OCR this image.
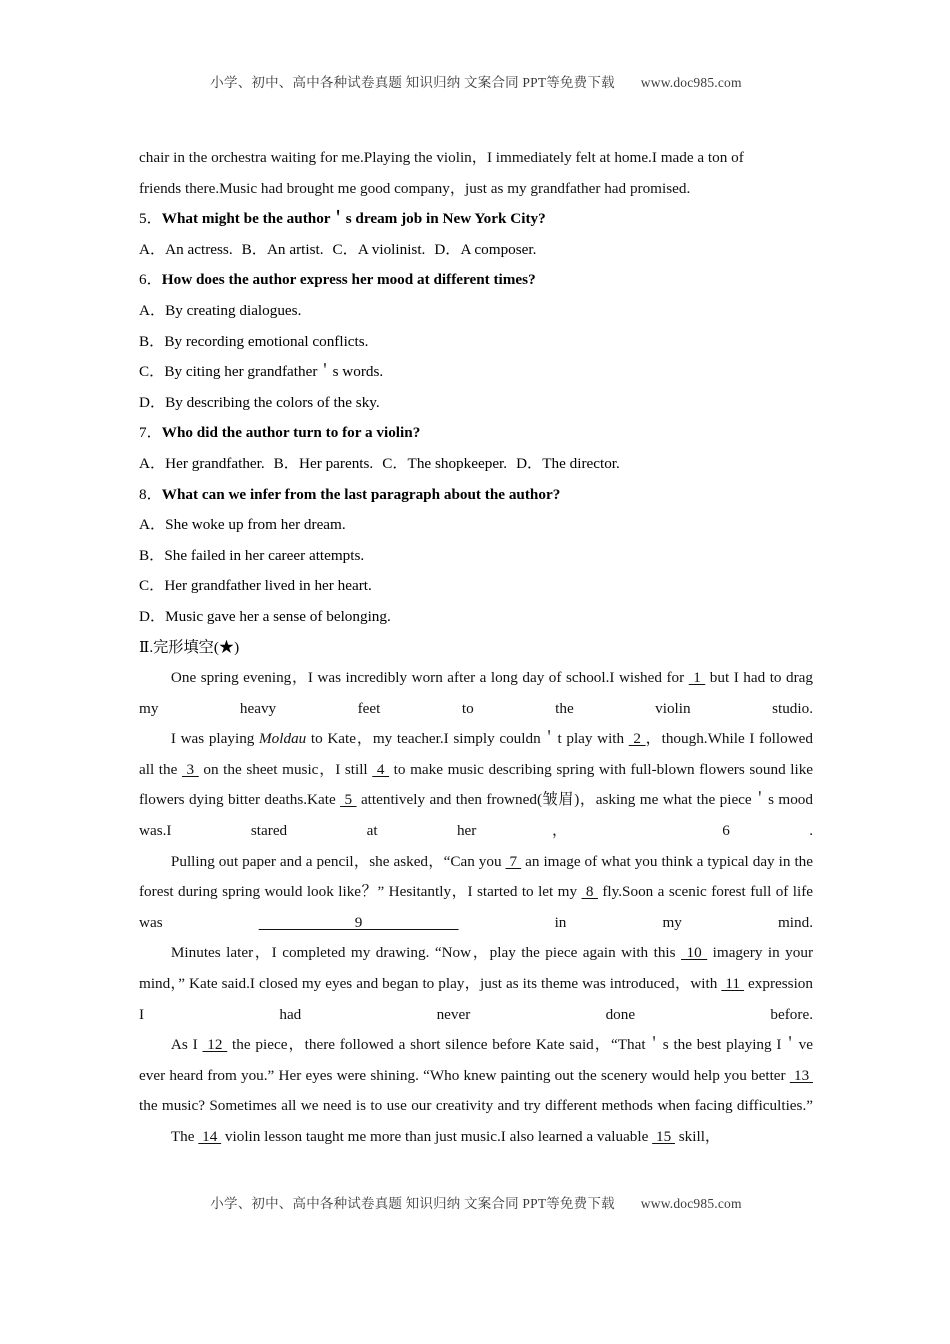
小学、初中、高中各种试卷真题 知识归纳 文案合同 PPT等免费下载 www.doc985.com

chair in the orchestra waiting for me.Playing the violin，I immediately felt at home.I made a ton of

friends there.Music had brought me good company，just as my grandfather had promised.

5．What might be the author＇s dream job in New York City?

A．An actress. B．An artist. C．A violinist. D．A composer.

6．How does the author express her mood at different times?

A．By creating dialogues.

B．By recording emotional conflicts.

C．By citing her grandfather＇s words.

D．By describing the colors of the sky.

7．Who did the author turn to for a violin?

A．Her grandfather. B．Her parents. C．The shopkeeper. D．The director.

8．What can we infer from the last paragraph about the author?

A．She woke up from her dream.

B．She failed in her career attempts.

C．Her grandfather lived in her heart.

D．Music gave her a sense of belonging.

Ⅱ.完形填空(★)

One spring evening，I was incredibly worn after a long day of school.I wished for  1  but I had to drag my heavy feet to the violin studio.

I was playing Moldau to Kate，my teacher.I simply couldn＇t play with  2 ，though.While I followed all the  3  on the sheet music，I still  4  to make music describing spring with full-blown flowers sound like flowers dying bitter deaths.Kate  5  attentively and then frowned(皱眉)，asking me what the piece＇s mood was.I stared at her， 6 .

Pulling out paper and a pencil，she asked，“Can you  7  an image of what you think a typical day in the forest during spring would look like？” Hesitantly，I started to let my  8  fly.Soon a scenic forest full of life was  9  in my mind.

Minutes later，I completed my drawing. “Now，play the piece again with this  10  imagery in your mind，” Kate said.I closed my eyes and began to play，just as its theme was introduced，with  11  expression I had never done before.

As I  12  the piece，there followed a short silence before Kate said，“That＇s the best playing I＇ve ever heard from you.” Her eyes were shining. “Who knew painting out the scenery would help you better  13  the music? Sometimes all we need is to use our creativity and try different methods when facing difficulties.”

The  14  violin lesson taught me more than just music.I also learned a valuable  15  skill，

小学、初中、高中各种试卷真题 知识归纳 文案合同 PPT等免费下载 www.doc985.com
